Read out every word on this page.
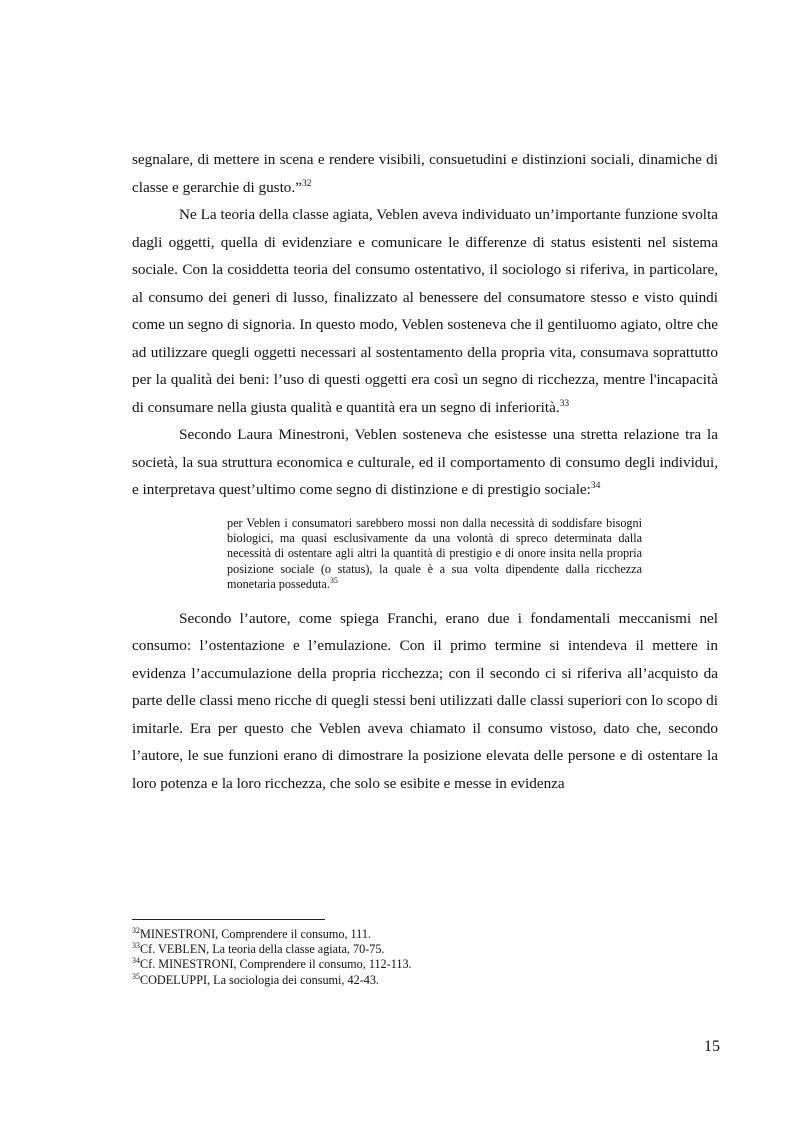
segnalare, di mettere in scena e rendere visibili, consuetudini e distinzioni sociali, dinamiche di classe e gerarchie di gusto.”$^{32}$

Ne La teoria della classe agiata, Veblen aveva individuato un’importante funzione svolta dagli oggetti, quella di evidenziare e comunicare le differenze di status esistenti nel sistema sociale. Con la cosiddetta teoria del consumo ostentativo, il sociologo si riferiva, in particolare, al consumo dei generi di lusso, finalizzato al benessere del consumatore stesso e visto quindi come un segno di signoria. In questo modo, Veblen sosteneva che il gentiluomo agiato, oltre che ad utilizzare quegli oggetti necessari al sostentamento della propria vita, consumava soprattutto per la qualità dei beni: l’uso di questi oggetti era così un segno di ricchezza, mentre l'incapacità di consumare nella giusta qualità e quantità era un segno di inferiorità.$^{33}$

Secondo Laura Minestroni, Veblen sosteneva che esistesse una stretta relazione tra la società, la sua struttura economica e culturale, ed il comportamento di consumo degli individui, e interpretava quest’ultimo come segno di distinzione e di prestigio sociale:$^{34}$

per Veblen i consumatori sarebbero mossi non dalla necessità di soddisfare bisogni biologici, ma quasi esclusivamente da una volontà di spreco determinata dalla necessità di ostentare agli altri la quantità di prestigio e di onore insita nella propria posizione sociale (o status), la quale è a sua volta dipendente dalla ricchezza monetaria posseduta.$^{35}$

Secondo l’autore, come spiega Franchi, erano due i fondamentali meccanismi nel consumo: l’ostentazione e l’emulazione. Con il primo termine si intendeva il mettere in evidenza l’accumulazione della propria ricchezza; con il secondo ci si riferiva all’acquisto da parte delle classi meno ricche di quegli stessi beni utilizzati dalle classi superiori con lo scopo di imitarle. Era per questo che Veblen aveva chiamato il consumo vistoso, dato che, secondo l’autore, le sue funzioni erano di dimostrare la posizione elevata delle persone e di ostentare la loro potenza e la loro ricchezza, che solo se esibite e messe in evidenza

$^{32}$MINESTRONI, Comprendere il consumo, 111.

$^{33}$Cf. VEBLEN, La teoria della classe agiata, 70-75.

$^{34}$Cf. MINESTRONI, Comprendere il consumo, 112-113.

$^{35}$CODELUPPI, La sociologia dei consumi, 42-43.

15
